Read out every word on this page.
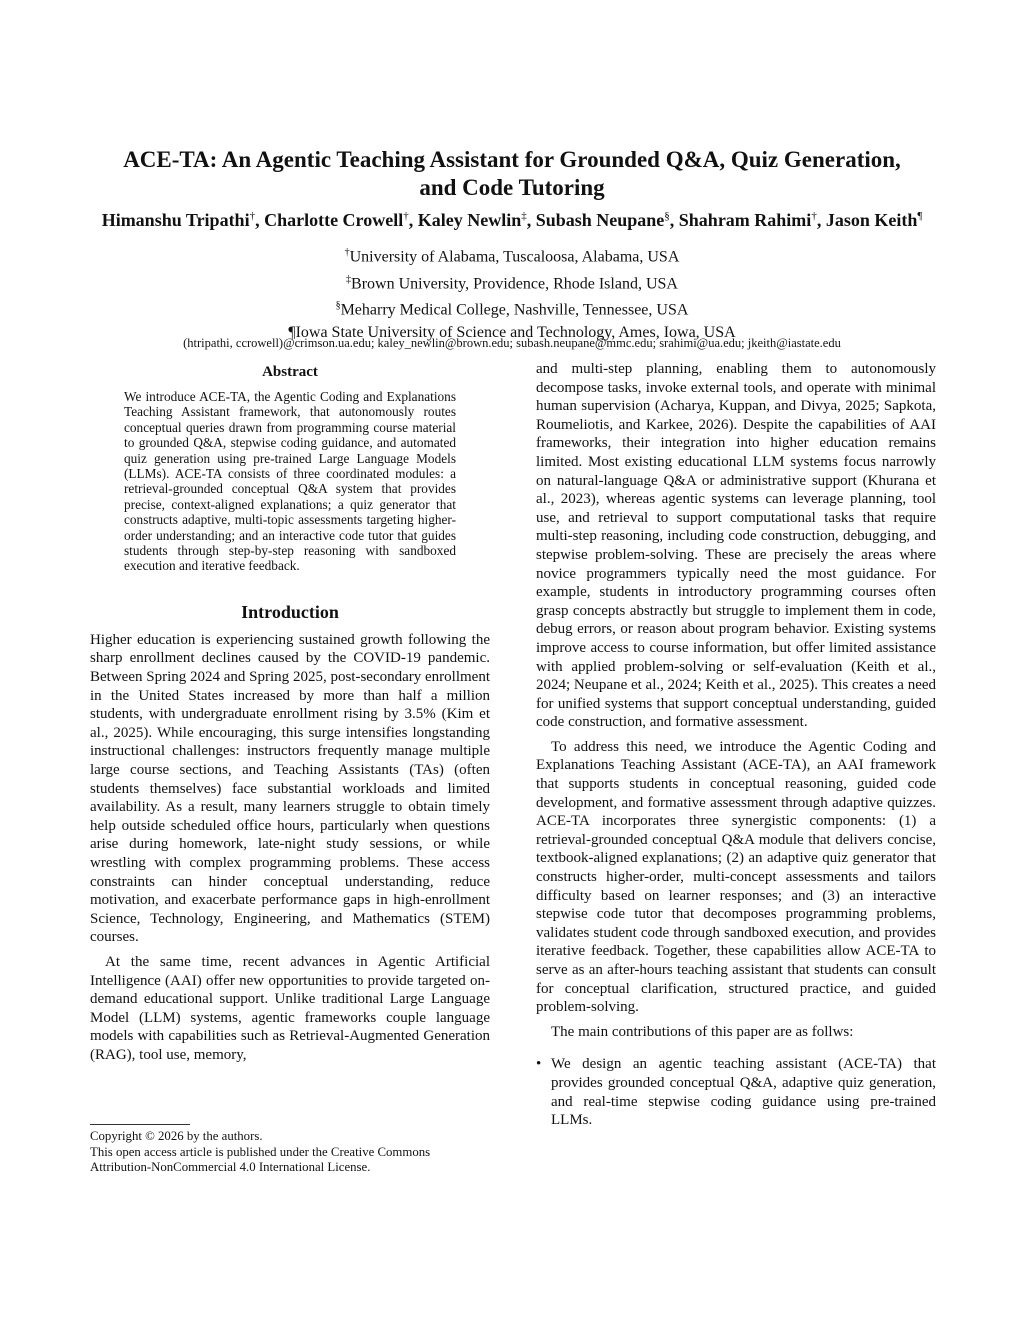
ACE-TA: An Agentic Teaching Assistant for Grounded Q&A, Quiz Generation,
and Code Tutoring
Himanshu Tripathi†, Charlotte Crowell†, Kaley Newlin‡, Subash Neupane§, Shahram Rahimi†, Jason Keith¶
†University of Alabama, Tuscaloosa, Alabama, USA
‡Brown University, Providence, Rhode Island, USA
§Meharry Medical College, Nashville, Tennessee, USA
¶Iowa State University of Science and Technology, Ames, Iowa, USA
(htripathi, ccrowell)@crimson.ua.edu; kaley_newlin@brown.edu; subash.neupane@mmc.edu; srahimi@ua.edu; jkeith@iastate.edu
Abstract
We introduce ACE-TA, the Agentic Coding and Explanations Teaching Assistant framework, that autonomously routes conceptual queries drawn from programming course material to grounded Q&A, stepwise coding guidance, and automated quiz generation using pre-trained Large Language Models (LLMs). ACE-TA consists of three coordinated modules: a retrieval-grounded conceptual Q&A system that provides precise, context-aligned explanations; a quiz generator that constructs adaptive, multi-topic assessments targeting higher-order understanding; and an interactive code tutor that guides students through step-by-step reasoning with sandboxed execution and iterative feedback.
Introduction

Higher education is experiencing sustained growth following the sharp enrollment declines caused by the COVID-19 pandemic. Between Spring 2024 and Spring 2025, post-secondary enrollment in the United States increased by more than half a million students, with undergraduate enrollment rising by 3.5% (Kim et al., 2025). While encouraging, this surge intensifies longstanding instructional challenges: instructors frequently manage multiple large course sections, and Teaching Assistants (TAs) (often students themselves) face substantial workloads and limited availability. As a result, many learners struggle to obtain timely help outside scheduled office hours, particularly when questions arise during homework, late-night study sessions, or while wrestling with complex programming problems. These access constraints can hinder conceptual understanding, reduce motivation, and exacerbate performance gaps in high-enrollment Science, Technology, Engineering, and Mathematics (STEM) courses.

At the same time, recent advances in Agentic Artificial Intelligence (AAI) offer new opportunities to provide targeted on-demand educational support. Unlike traditional Large Language Model (LLM) systems, agentic frameworks couple language models with capabilities such as Retrieval-Augmented Generation (RAG), tool use, memory,

Copyright © 2026 by the authors.
This open access article is published under the Creative Commons
Attribution-NonCommercial 4.0 International License.

and multi-step planning, enabling them to autonomously decompose tasks, invoke external tools, and operate with minimal human supervision (Acharya, Kuppan, and Divya, 2025; Sapkota, Roumeliotis, and Karkee, 2026). Despite the capabilities of AAI frameworks, their integration into higher education remains limited. Most existing educational LLM systems focus narrowly on natural-language Q&A or administrative support (Khurana et al., 2023), whereas agentic systems can leverage planning, tool use, and retrieval to support computational tasks that require multi-step reasoning, including code construction, debugging, and stepwise problem-solving. These are precisely the areas where novice programmers typically need the most guidance. For example, students in introductory programming courses often grasp concepts abstractly but struggle to implement them in code, debug errors, or reason about program behavior. Existing systems improve access to course information, but offer limited assistance with applied problem-solving or self-evaluation (Keith et al., 2024; Neupane et al., 2024; Keith et al., 2025). This creates a need for unified systems that support conceptual understanding, guided code construction, and formative assessment.

To address this need, we introduce the Agentic Coding and Explanations Teaching Assistant (ACE-TA), an AAI framework that supports students in conceptual reasoning, guided code development, and formative assessment through adaptive quizzes. ACE-TA incorporates three synergistic components: (1) a retrieval-grounded conceptual Q&A module that delivers concise, textbook-aligned explanations; (2) an adaptive quiz generator that constructs higher-order, multi-concept assessments and tailors difficulty based on learner responses; and (3) an interactive stepwise code tutor that decomposes programming problems, validates student code through sandboxed execution, and provides iterative feedback. Together, these capabilities allow ACE-TA to serve as an after-hours teaching assistant that students can consult for conceptual clarification, structured practice, and guided problem-solving.

The main contributions of this paper are as follws:

• We design an agentic teaching assistant (ACE-TA) that provides grounded conceptual Q&A, adaptive quiz generation, and real-time stepwise coding guidance using pre-trained LLMs.
